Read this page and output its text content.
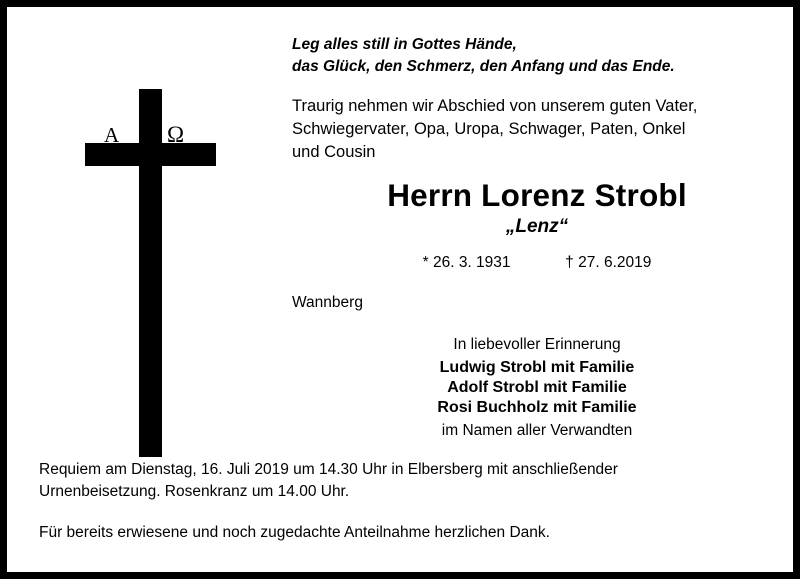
A Ω
Leg alles still in Gottes Hände,
das Glück, den Schmerz, den Anfang und das Ende.
Traurig nehmen wir Abschied von unserem guten Vater,
Schwiegervater, Opa, Uropa, Schwager, Paten, Onkel
und Cousin
Herrn Lorenz Strobl
„Lenz“
* 26. 3. 1931	† 27. 6.2019
Wannberg
In liebevoller Erinnerung
Ludwig Strobl mit Familie
Adolf Strobl mit Familie
Rosi Buchholz mit Familie
im Namen aller Verwandten

Requiem am Dienstag, 16. Juli 2019 um 14.30 Uhr in Elbersberg mit anschließender

Urnenbeisetzung. Rosenkranz um 14.00 Uhr.

Für bereits erwiesene und noch zugedachte Anteilnahme herzlichen Dank.
